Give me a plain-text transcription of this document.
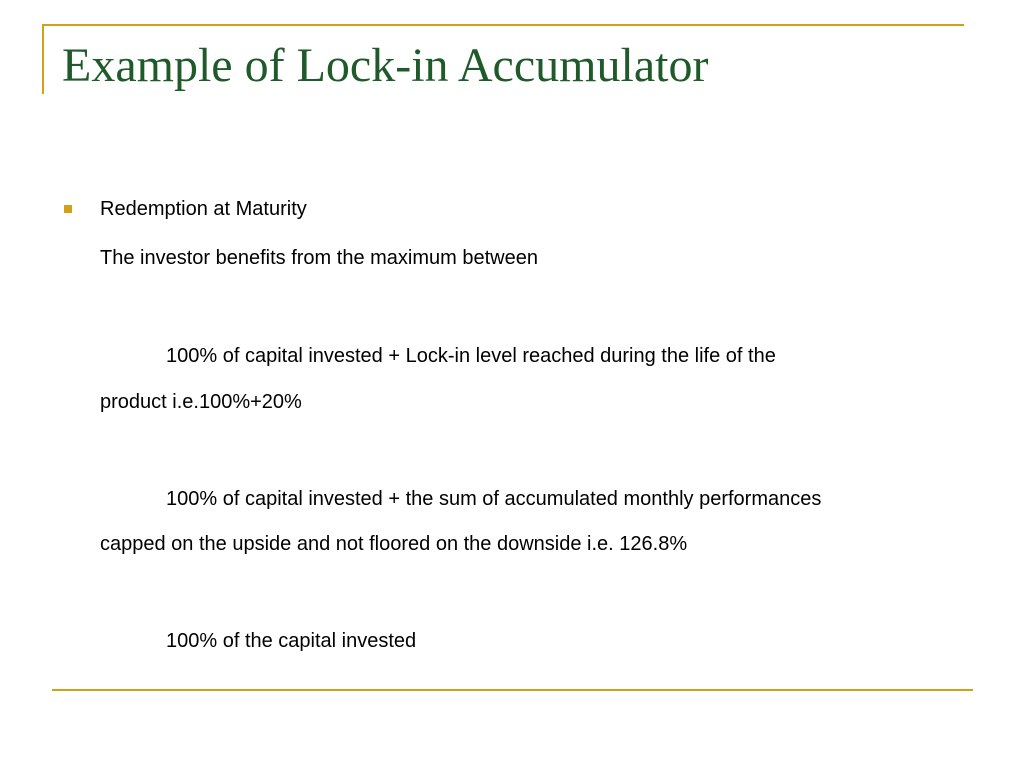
Example of Lock-in Accumulator

Redemption at Maturity

The investor benefits from the maximum between

100% of capital invested + Lock-in level reached during the life of the

product i.e.100%+20%

100% of capital invested + the sum of accumulated monthly performances

capped on the upside and not floored on the downside i.e. 126.8%

100% of the capital invested
